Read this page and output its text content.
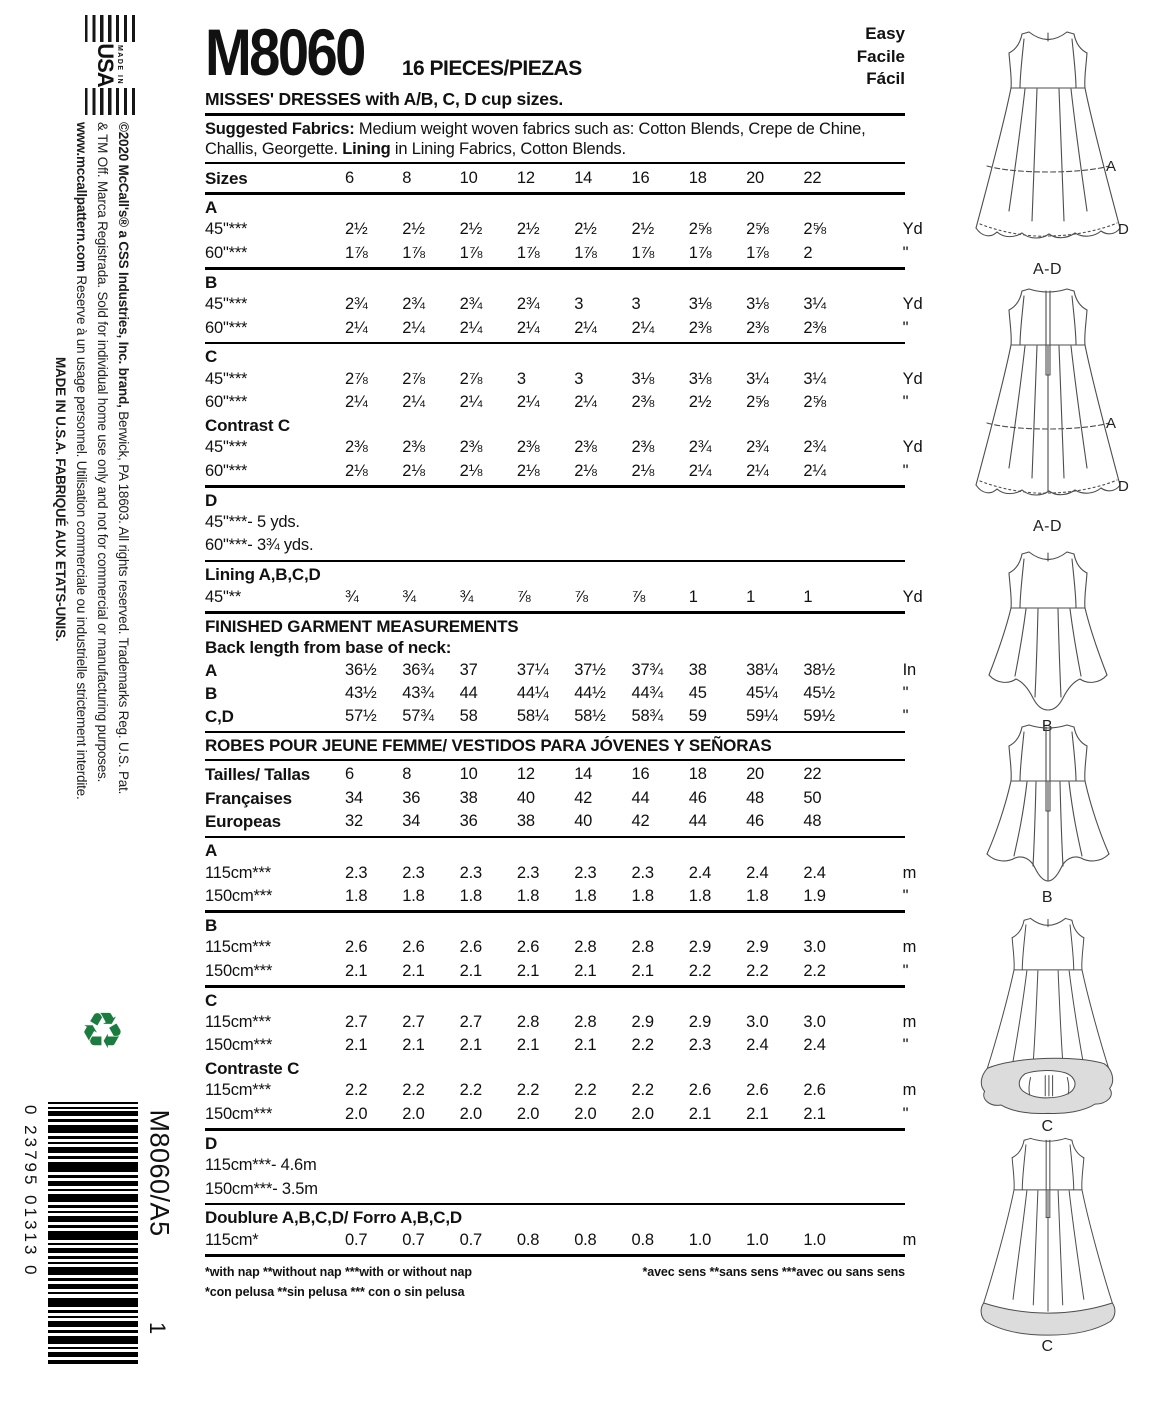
MADE IN
USA
©2020 McCall's® a CSS Industries, Inc. brand, Berwick, PA 18603. All rights reserved. Trademarks Reg. U.S. Pat.
& TM Off. Marca Registrada. Sold for individual home use only and not for commercial or manufacturing purposes.
www.mccallpattern.com Reserve à un usage personnel. Utilisation commerciale ou industrielle strictement interdite.
MADE IN U.S.A. FABRIQUÉ AUX ETATS-UNIS.
♻
0 23795 01313 0	M8060/A5
1
M8060 16 PIECES/PIEZAS
Easy
Facile
Fácil
MISSES' DRESSES with A/B, C, D cup sizes.
Suggested Fabrics: Medium weight woven fabrics such as: Cotton Blends, Crepe de Chine, Challis, Georgette. Lining in Lining Fabrics, Cotton Blends.
Sizes	6	8	10	12	14	16	18	20	22
A
45"***	2½	2½	2½	2½	2½	2½	2⅝	2⅝	2⅝	Yd
60"***	1⅞	1⅞	1⅞	1⅞	1⅞	1⅞	1⅞	1⅞	2	"
B
45"***	2¾	2¾	2¾	2¾	3	3	3⅛	3⅛	3¼	Yd
60"***	2¼	2¼	2¼	2¼	2¼	2¼	2⅜	2⅜	2⅜	"
C
45"***	2⅞	2⅞	2⅞	3	3	3⅛	3⅛	3¼	3¼	Yd
60"***	2¼	2¼	2¼	2¼	2¼	2⅜	2½	2⅝	2⅝	"
Contrast C
45"***	2⅜	2⅜	2⅜	2⅜	2⅜	2⅜	2¾	2¾	2¾	Yd
60"***	2⅛	2⅛	2⅛	2⅛	2⅛	2⅛	2¼	2¼	2¼	"
D
45"***- 5 yds.
60"***- 3¾ yds.
Lining A,B,C,D
45"**	¾	¾	¾	⅞	⅞	⅞	1	1	1	Yd
FINISHED GARMENT MEASUREMENTS
Back length from base of neck:
A	36½	36¾	37	37¼	37½	37¾	38	38¼	38½	In
B	43½	43¾	44	44¼	44½	44¾	45	45¼	45½	"
C,D	57½	57¾	58	58¼	58½	58¾	59	59¼	59½	"
ROBES POUR JEUNE FEMME/ VESTIDOS PARA JÓVENES Y SEÑORAS
Tailles/ Tallas	6	8	10	12	14	16	18	20	22
Françaises	34	36	38	40	42	44	46	48	50
Europeas	32	34	36	38	40	42	44	46	48
A
115cm***	2.3	2.3	2.3	2.3	2.3	2.3	2.4	2.4	2.4	m
150cm***	1.8	1.8	1.8	1.8	1.8	1.8	1.8	1.8	1.9	"
B
115cm***	2.6	2.6	2.6	2.6	2.8	2.8	2.9	2.9	3.0	m
150cm***	2.1	2.1	2.1	2.1	2.1	2.1	2.2	2.2	2.2	"
C
115cm***	2.7	2.7	2.7	2.8	2.8	2.9	2.9	3.0	3.0	m
150cm***	2.1	2.1	2.1	2.1	2.1	2.2	2.3	2.4	2.4	"
Contraste C
115cm***	2.2	2.2	2.2	2.2	2.2	2.2	2.6	2.6	2.6	m
150cm***	2.0	2.0	2.0	2.0	2.0	2.0	2.1	2.1	2.1	"
D
115cm***- 4.6m
150cm***- 3.5m
Doublure A,B,C,D/ Forro A,B,C,D
115cm*	0.7	0.7	0.7	0.8	0.8	0.8	1.0	1.0	1.0	m
*with nap **without nap ***with or without nap	*avec sens **sans sens ***avec ou sans sens
*con pelusa **sin pelusa *** con o sin pelusa
A
D
A-D
A
D
A-D
B
B
C
C
